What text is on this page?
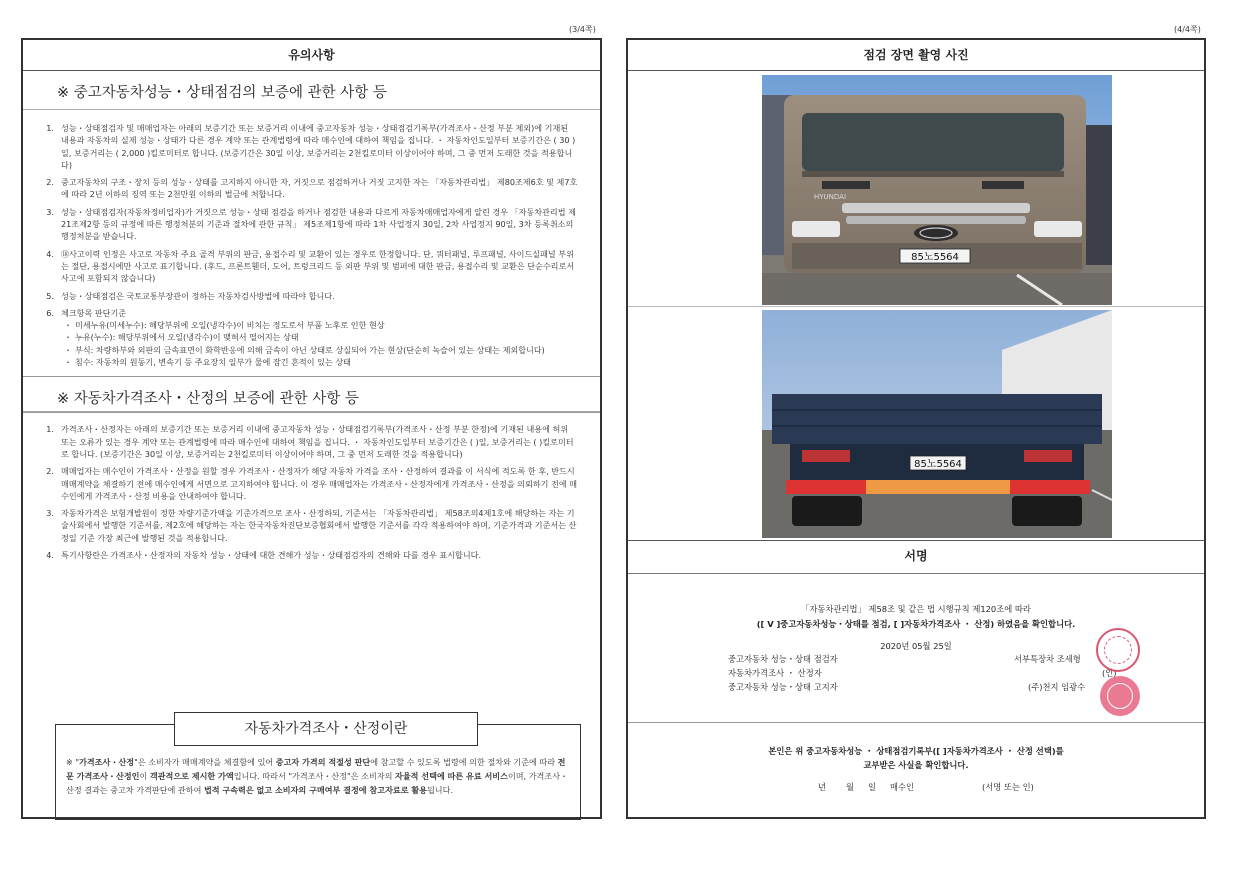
(3/4쪽)	(4/4쪽)
유의사항
※ 중고자동차성능・상태점검의 보증에 관한 사항 등
1. 성능・상태점검자 및 매매업자는 아래의 보증기간 또는 보증거리 이내에 중고자동차 성능・상태점검기록부(가격조사・산정 부분 제외)에 기재된 내용과 자동차의 실제 성능・상태가 다른 경우 계약 또는 관계법령에 따라 매수인에 대하여 책임을 집니다. ・ 자동차인도일부터 보증기간은 ( 30 )일, 보증거리는 ( 2,000 )킬로미터로 합니다. (보증기간은 30일 이상, 보증거리는 2천킬로미터 이상이어야 하며, 그 중 먼저 도래한 것을 적용합니다)
2. 중고자동차의 구조・장치 등의 성능・상태를 고지하지 아니한 자, 거짓으로 점검하거나 거짓 고지한 자는 「자동차관리법」 제80조제6호 및 제7호에 따라 2년 이하의 징역 또는 2천만원 이하의 벌금에 처합니다.
3. 성능・상태점검자(자동차정비업자)가 거짓으로 성능・상태 점검을 하거나 점검한 내용과 다르게 자동차매매업자에게 알린 경우 「자동차관리법 제21조제2항 등의 규정에 따른 행정처분의 기준과 절차에 관한 규칙」 제5조제1항에 따라 1차 사업정지 30일, 2차 사업정지 90일, 3차 등록취소의 행정처분을 받습니다.
4. ⑱사고이력 인정은 사고로 자동차 주요 골격 부위의 판금, 용접수리 및 교환이 있는 경우로 한정합니다. 단, 쿼터패널, 루프패널, 사이드실패널 부위는 절단, 용접시에만 사고로 표기합니다. (후드, 프론트휀더, 도어, 트렁크리드 등 외판 부위 및 범퍼에 대한 판금, 용접수리 및 교환은 단순수리로서 사고에 포함되지 않습니다)
5. 성능・상태점검은 국토교통부장관이 정하는 자동차검사방법에 따라야 합니다.
6. 체크항목 판단기준
・ 미세누유(미세누수): 해당부위에 오일(냉각수)이 비치는 정도로서 부품 노후로 인한 현상
・ 누유(누수): 해당부위에서 오일(냉각수)이 맺혀서 떨어지는 상태
・ 부식: 차량하부와 외판의 금속표면이 화학반응에 의해 금속이 아닌 상태로 상실되어 가는 현상(단순히 녹슬어 있는 상태는 제외합니다)
・ 침수: 자동차의 원동기, 변속기 등 주요장치 일부가 물에 잠긴 흔적이 있는 상태
※ 자동차가격조사・산정의 보증에 관한 사항 등
1. 가격조사・산정자는 아래의 보증기간 또는 보증거리 이내에 중고자동차 성능・상태점검기록부(가격조사・산정 부분 한정)에 기재된 내용에 허위 또는 오류가 있는 경우 계약 또는 관계법령에 따라 매수인에 대하여 책임을 집니다. ・ 자동차인도일부터 보증기간은 ( )일, 보증거리는 ( )킬로미터로 합니다. (보증기간은 30일 이상, 보증거리는 2천킬로미터 이상이어야 하며, 그 중 먼저 도래한 것을 적용합니다)
2. 매매업자는 매수인이 가격조사・산정을 원할 경우 가격조사・산정자가 해당 자동차 가격을 조사・산정하여 결과를 이 서식에 적도록 한 후, 반드시 매매계약을 체결하기 전에 매수인에게 서면으로 고지하여야 합니다. 이 경우 매매업자는 가격조사・산정자에게 가격조사・산정을 의뢰하기 전에 매수인에게 가격조사・산정 비용을 안내하여야 합니다.
3. 자동차가격은 보험개발원이 정한 차량기준가액을 기준가격으로 조사・산정하되, 기준서는 「자동차관리법」 제58조의4제1호에 해당하는 자는 기술사회에서 발행한 기준서를, 제2호에 해당하는 자는 한국자동차진단보증협회에서 발행한 기준서를 각각 적용하여야 하며, 기준가격과 기준서는 산정일 기준 가장 최근에 발행된 것을 적용합니다.
4. 특기사항란은 가격조사・산정자의 자동차 성능・상태에 대한 견해가 성능・상태점검자의 견해와 다를 경우 표시합니다.
자동차가격조사・산정이란
※ "가격조사・산정"은 소비자가 매매계약을 체결함에 있어 중고자 가격의 적절성 판단에 참고할 수 있도록 법령에 의한 절차와 기준에 따라 전문 가격조사・산정인이 객관적으로 제시한 가액입니다. 따라서 "가격조사・산정"은 소비자의 자율적 선택에 따른 유료 서비스이며, 가격조사・산정 결과는 중고차 가격판단에 관하여 법적 구속력은 없고 소비자의 구매여부 결정에 참고자료로 활용됩니다.
점검 장면 촬영 사진
HYUNDAI
85노5564
85노5564
서명
「자동차관리법」 제58조 및 같은 법 시행규칙 제120조에 따라
([ V ]중고자동차성능・상태를 점검, [ ]자동차가격조사 ・ 산정) 하였음을 확인합니다.
2020년 05월 25일
중고자동차 성능・상태 점검자	서부특장차 조세형
자동차가격조사 ・ 산정자	(인)
중고자동차 성능・상태 고지자	(주)천지 임광수
본인은 위 중고자동차성능 ・ 상태점검기록부([ ]자동차가격조사 ・ 산정 선택)를
교부받은 사실을 확인합니다.
년 월 일 매수인	(서명 또는 인)
